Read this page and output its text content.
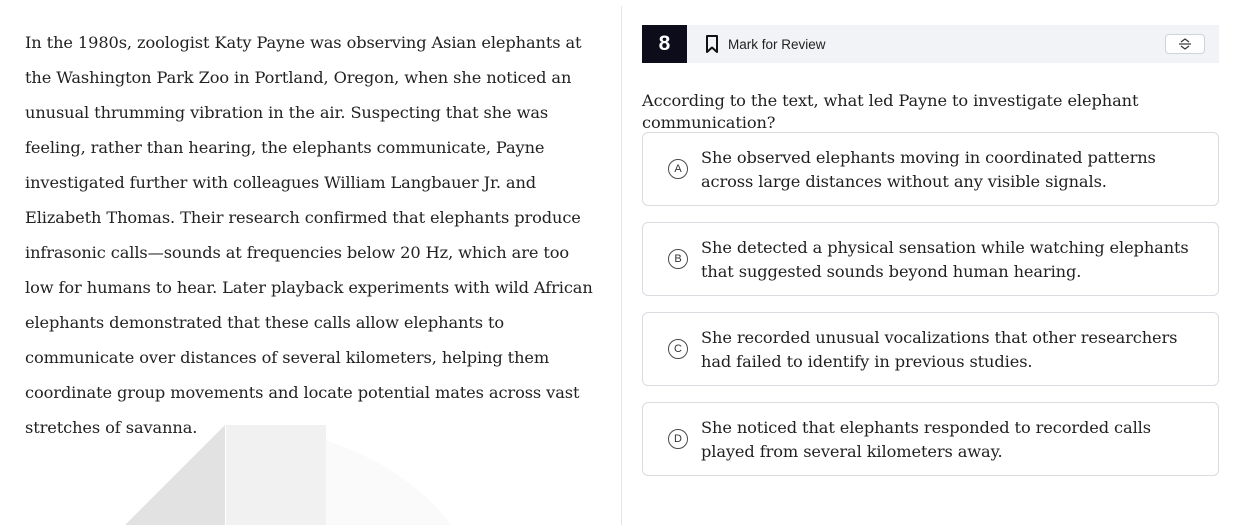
In the 1980s, zoologist Katy Payne was observing Asian elephants at the Washington Park Zoo in Portland, Oregon, when she noticed an unusual thrumming vibration in the air. Suspecting that she was feeling, rather than hearing, the elephants communicate, Payne investigated further with colleagues William Langbauer Jr. and Elizabeth Thomas. Their research confirmed that elephants produce infrasonic calls—sounds at frequencies below 20 Hz, which are too low for humans to hear. Later playback experiments with wild African elephants demonstrated that these calls allow elephants to communicate over distances of several kilometers, helping them coordinate group movements and locate potential mates across vast stretches of savanna.

8	Mark for Review

According to the text, what led Payne to investigate elephant communication?

A
She observed elephants moving in coordinated patterns across large distances without any visible signals.
B
She detected a physical sensation while watching elephants that suggested sounds beyond human hearing.
C
She recorded unusual vocalizations that other researchers had failed to identify in previous studies.
D
She noticed that elephants responded to recorded calls played from several kilometers away.
